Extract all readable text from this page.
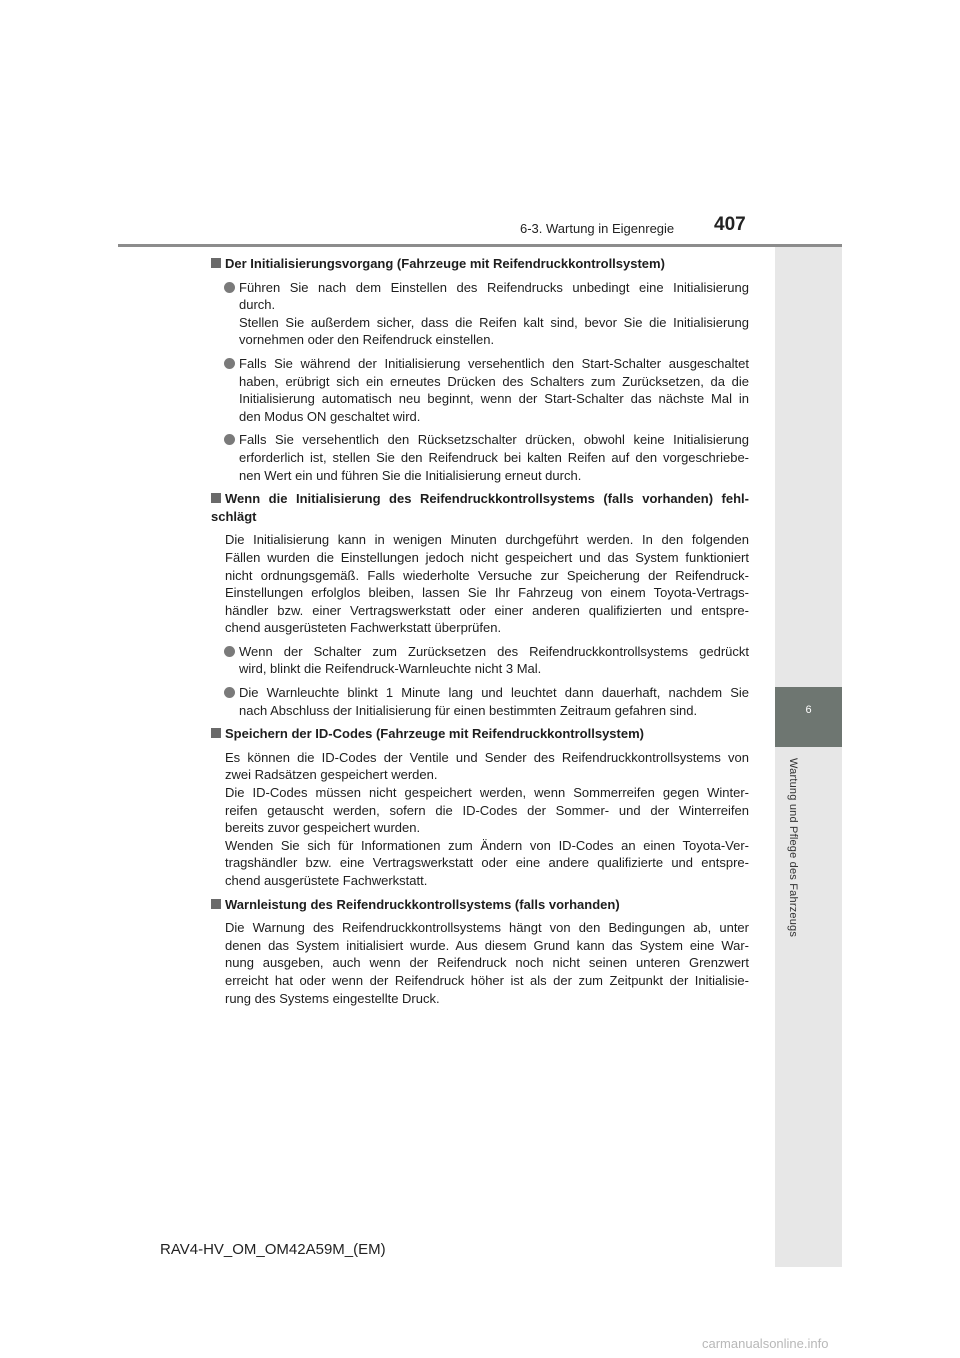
6-3. Wartung in Eigenregie 407
6
Wartung und Pflege des Fahrzeugs
Der Initialisierungsvorgang (Fahrzeuge mit Reifendruckkontrollsystem)
Führen Sie nach dem Einstellen des Reifendrucks unbedingt eine Initialisierung
durch.
Stellen Sie außerdem sicher, dass die Reifen kalt sind, bevor Sie die Initialisierung
vornehmen oder den Reifendruck einstellen.
Falls Sie während der Initialisierung versehentlich den Start-Schalter ausgeschaltet
haben, erübrigt sich ein erneutes Drücken des Schalters zum Zurücksetzen, da die
Initialisierung automatisch neu beginnt, wenn der Start-Schalter das nächste Mal in
den Modus ON geschaltet wird.
Falls Sie versehentlich den Rücksetzschalter drücken, obwohl keine Initialisierung
erforderlich ist, stellen Sie den Reifendruck bei kalten Reifen auf den vorgeschriebe-
nen Wert ein und führen Sie die Initialisierung erneut durch.
Wenn die Initialisierung des Reifendruckkontrollsystems (falls vorhanden) fehl-
schlägt
Die Initialisierung kann in wenigen Minuten durchgeführt werden. In den folgenden
Fällen wurden die Einstellungen jedoch nicht gespeichert und das System funktioniert
nicht ordnungsgemäß. Falls wiederholte Versuche zur Speicherung der Reifendruck-
Einstellungen erfolglos bleiben, lassen Sie Ihr Fahrzeug von einem Toyota-Vertrags-
händler bzw. einer Vertragswerkstatt oder einer anderen qualifizierten und entspre-
chend ausgerüsteten Fachwerkstatt überprüfen.
Wenn der Schalter zum Zurücksetzen des Reifendruckkontrollsystems gedrückt
wird, blinkt die Reifendruck-Warnleuchte nicht 3 Mal.
Die Warnleuchte blinkt 1 Minute lang und leuchtet dann dauerhaft, nachdem Sie
nach Abschluss der Initialisierung für einen bestimmten Zeitraum gefahren sind.
Speichern der ID-Codes (Fahrzeuge mit Reifendruckkontrollsystem)
Es können die ID-Codes der Ventile und Sender des Reifendruckkontrollsystems von
zwei Radsätzen gespeichert werden.
Die ID-Codes müssen nicht gespeichert werden, wenn Sommerreifen gegen Winter-
reifen getauscht werden, sofern die ID-Codes der Sommer- und der Winterreifen
bereits zuvor gespeichert wurden.
Wenden Sie sich für Informationen zum Ändern von ID-Codes an einen Toyota-Ver-
tragshändler bzw. eine Vertragswerkstatt oder eine andere qualifizierte und entspre-
chend ausgerüstete Fachwerkstatt.
Warnleistung des Reifendruckkontrollsystems (falls vorhanden)
Die Warnung des Reifendruckkontrollsystems hängt von den Bedingungen ab, unter
denen das System initialisiert wurde. Aus diesem Grund kann das System eine War-
nung ausgeben, auch wenn der Reifendruck noch nicht seinen unteren Grenzwert
erreicht hat oder wenn der Reifendruck höher ist als der zum Zeitpunkt der Initialisie-
rung des Systems eingestellte Druck.
RAV4-HV_OM_OM42A59M_(EM)
carmanualsonline.info
